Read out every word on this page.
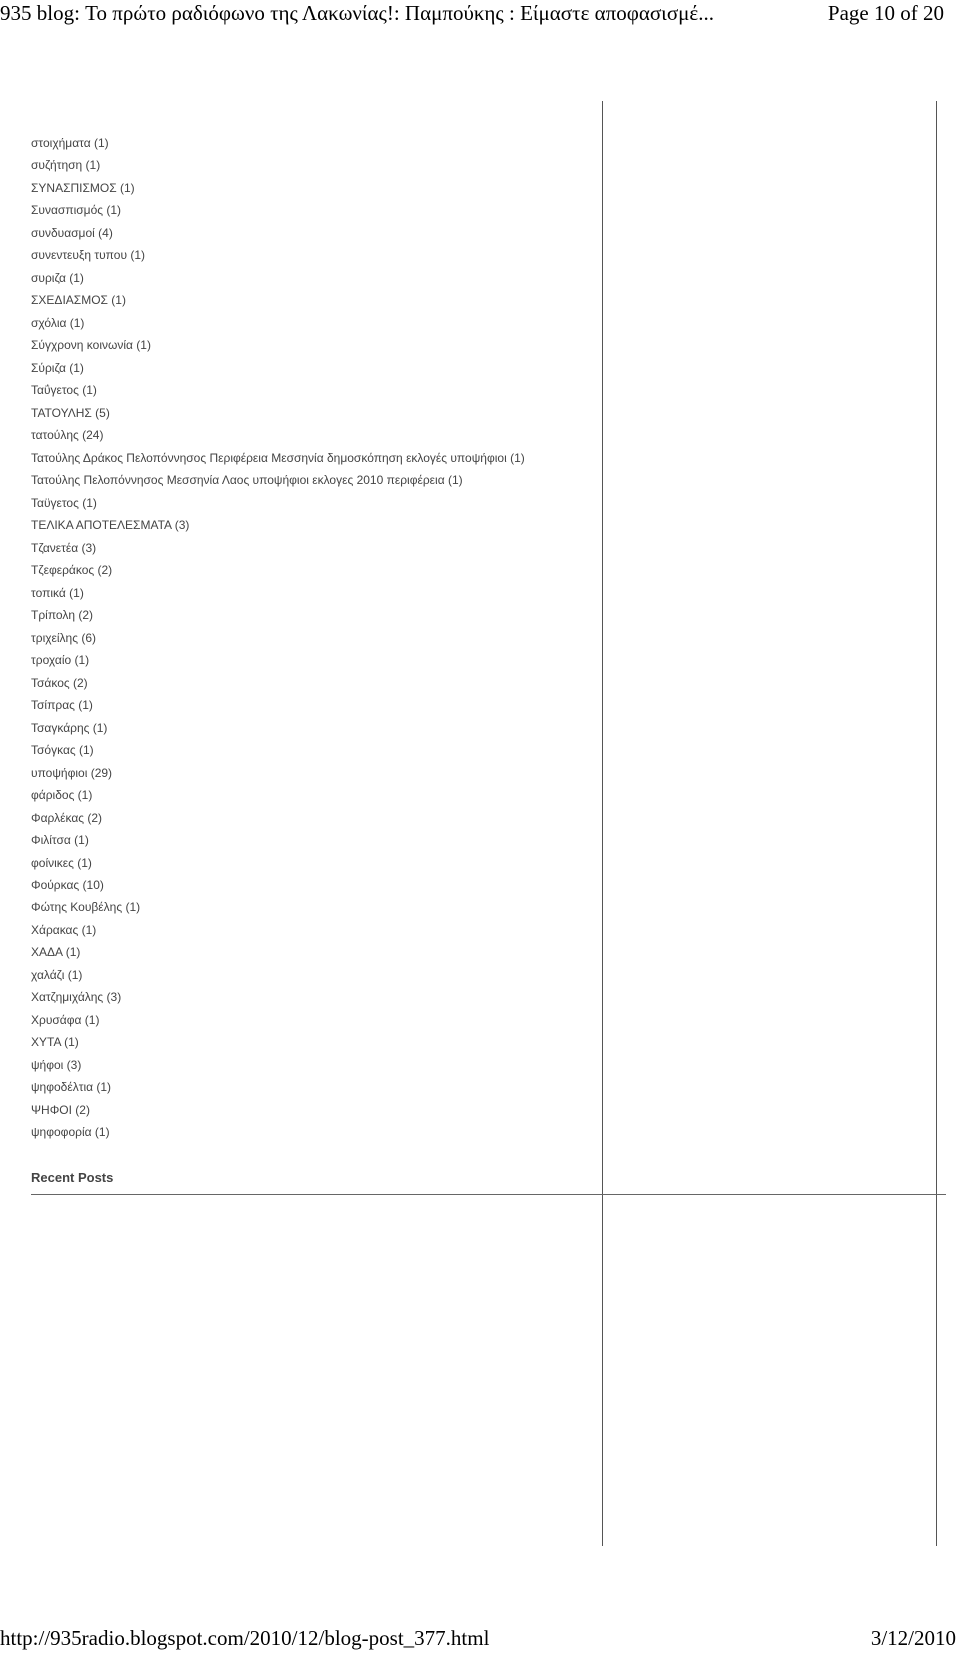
935 blog: Το πρώτο ραδιόφωνο της Λακωνίας!: Παμπούκης : Είμαστε αποφασισμέ...	Page 10 of 20
στοιχήματα (1)
συζήτηση (1)
ΣΥΝΑΣΠΙΣΜΟΣ (1)
Συνασπισμός (1)
συνδυασμοί (4)
συνεντευξη τυπου (1)
συριζα (1)
ΣΧΕΔΙΑΣΜΟΣ (1)
σχόλια (1)
Σύγχρονη κοινωνία (1)
Σύριζα (1)
Ταΰγετος (1)
ΤΑΤΟΥΛΗΣ (5)
τατούλης (24)
Τατούλης Δράκος Πελοπόννησος Περιφέρεια Μεσσηνία δημοσκόπηση εκλογές υποψήφιοι (1)
Τατούλης Πελοπόννησος Μεσσηνία Λαος υποψήφιοι εκλογες 2010 περιφέρεια (1)
Ταϋγετος (1)
ΤΕΛΙΚΑ ΑΠΟΤΕΛΕΣΜΑΤΑ (3)
Τζανετέα (3)
Τζεφεράκος (2)
τοπικά (1)
Τρίπολη (2)
τριχείλης (6)
τροχαίο (1)
Τσάκος (2)
Τσίπρας (1)
Τσαγκάρης (1)
Τσόγκας (1)
υποψήφιοι (29)
φάριδος (1)
Φαρλέκας (2)
Φιλίτσα (1)
φοίνικες (1)
Φούρκας (10)
Φώτης Κουβέλης (1)
Χάρακας (1)
ΧΑΔΑ (1)
χαλάζι (1)
Χατζημιχάλης (3)
Χρυσάφα (1)
ΧΥΤΑ (1)
ψήφοι (3)
ψηφοδέλτια (1)
ΨΗΦΟΙ (2)
ψηφοφορία (1)
Recent Posts
http://935radio.blogspot.com/2010/12/blog-post_377.html	3/12/2010
